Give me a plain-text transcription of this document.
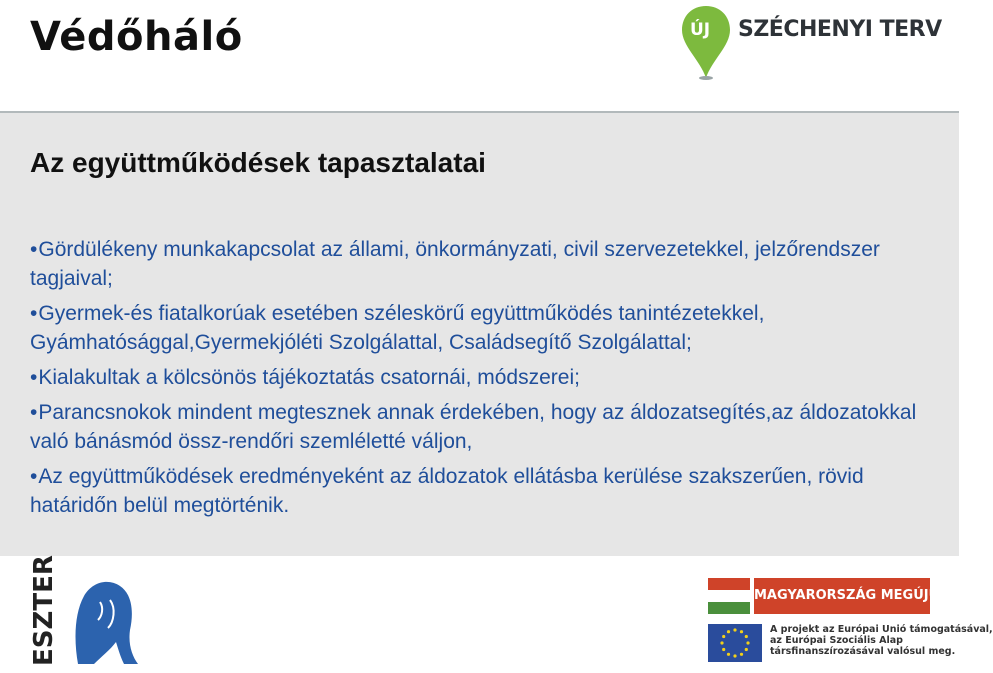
Védőháló	ÚJ SZÉCHENYI TERV
Az együttműködések tapasztalatai
• Gördülékeny munkakapcsolat az állami, önkormányzati, civil szervezetekkel, jelzőrendszer tagjaival;
• Gyermek-és fiatalkorúak esetében széleskörű együttműködés tanintézetekkel, Gyámhatósággal,Gyermekjóléti Szolgálattal, Családsegítő Szolgálattal;
• Kialakultak a kölcsönös tájékoztatás csatornái, módszerei;
• Parancsnokok mindent megtesznek annak érdekében, hogy az áldozatsegítés,az áldozatokkal való bánásmód össz-rendőri szemléletté váljon,
• Az együttműködések eredményeként az áldozatok ellátásba kerülése szakszerűen, rövid határidőn belül megtörténik.
ESZTER	MAGYARORSZÁG MEGÚJUL
A projekt az Európai Unió támogatásával,
az Európai Szociális Alap
társfinanszírozásával valósul meg.
